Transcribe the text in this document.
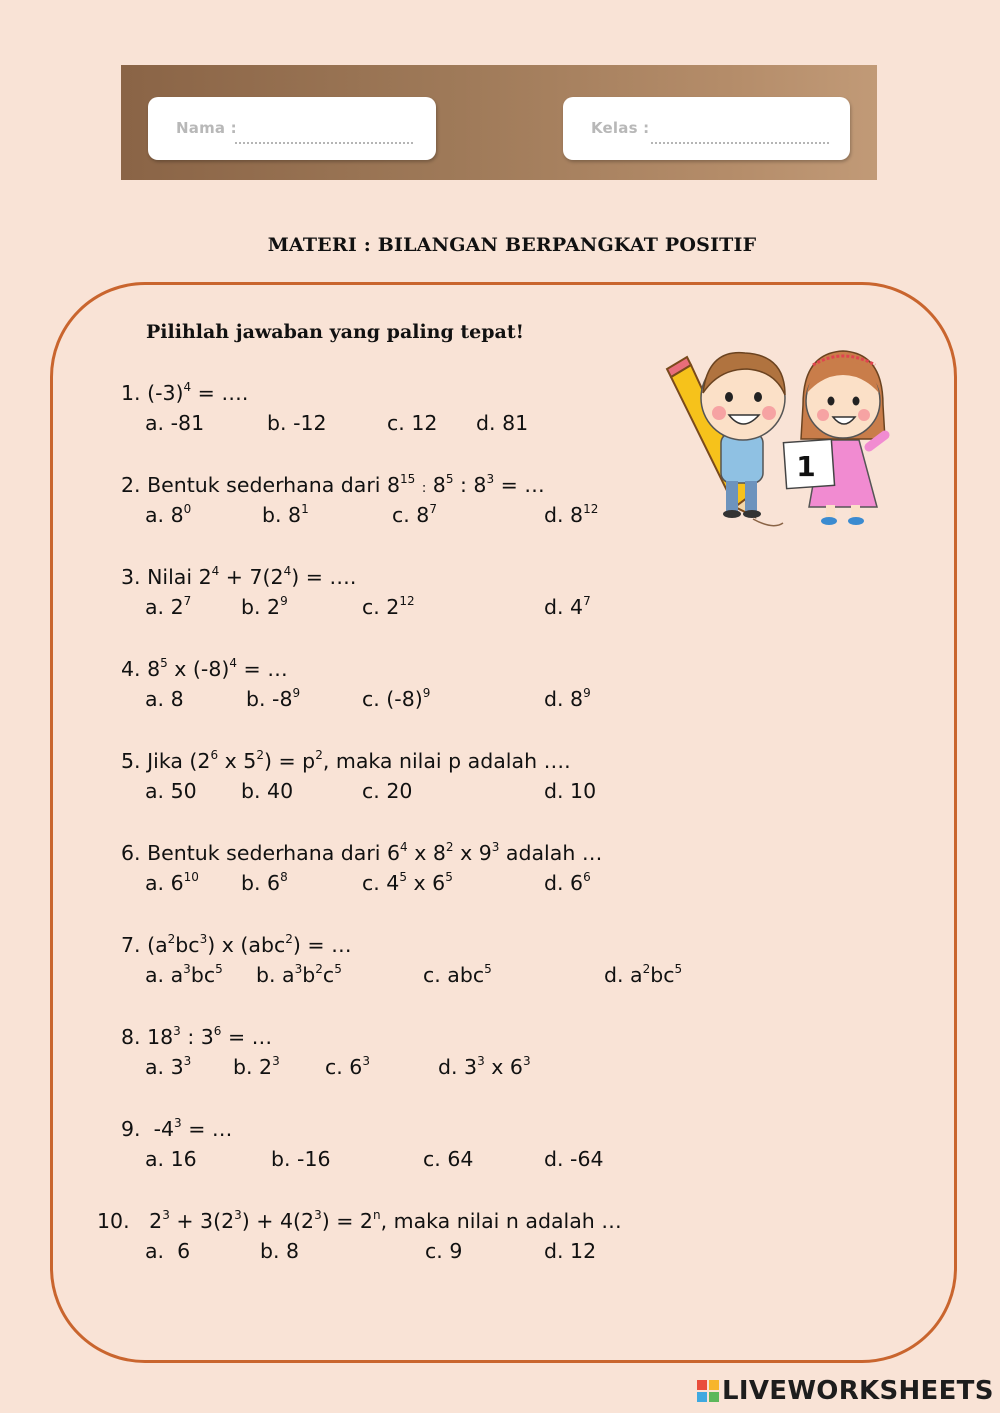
Nama :	Kelas :
MATERI : BILANGAN BERPANGKAT POSITIF
Pilihlah jawaban yang paling tepat!
1
1. $(-3)^4$ = ….
a. -81	b. -12	c. 12 d. 81
2. Bentuk sederhana dari $8^{15}$ : $8^5$ : $8^3$ = …
a. $8^0$	b. $8^1$	c. $8^7$	d. $8^{12}$
3. Nilai $2^4 + 7(2^4)$ = ….
a. $2^7$ b. $2^9$	c. $2^{12}$	d. $4^7$
4. $8^5$ x $(-8)^4$ = …
a. 8	b. $-8^9$	c. $(-8)^9$	d. $8^9$
5. Jika ($2^6$ x $5^2) = p^2$, maka nilai p adalah ….
a. 50 b. 40	c. 20	d. 10
6. Bentuk sederhana dari $6^4$ x $8^2$ x $9^3$ adalah …
a. $6^{10}$ b. $6^8$	c. $4^5$ x $6^5$	d. $6^6$
7. $(a^2bc^3)$ x (abc$^2$) = …
a. $a^3bc^5$ b. $a^3b^2c^5$	c. abc$^5$	d. $a^2bc^5$
8. $18^3$ : $3^6$ = …
a. $3^3$ b. $2^3$ c. $6^3$	d. $3^3$ x $6^3$
9.  $-4^3$ = …
a. 16	b. -16	c. 64	d. -64
10.   $2^3 + 3(2^3) + 4(2^3) = 2^n$, maka nilai n adalah …
a.  6	b. 8	c. 9	d. 12
LIVEWORKSHEETS
